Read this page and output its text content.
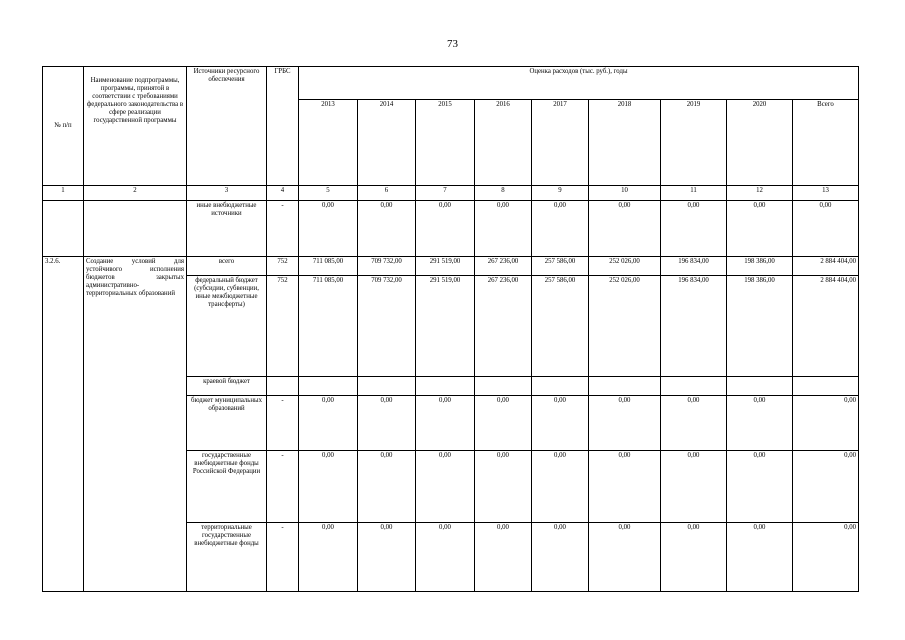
73
№ п/п	Наименование подпрограммы, программы, принятой в соответствии с требованиями федерального законодательства в сфере реализации государственной программы	Источники ресурсного обеспечения	ГРБС	Оценка расходов (тыс. руб.), годы								
				2013	2014	2015	2016	2017	2018	2019	2020	Всего
1	2	3	4	5	6	7	8	9	10	11	12	13
		иные внебюджетные источники	-	0,00	0,00	0,00	0,00	0,00	0,00	0,00	0,00	0,00
3.2.6.	Создание условий для устойчивого исполнения бюджетов закрытых административно-территориальных образований	всего	752	711 085,00	709 732,00	291 519,00	267 236,00	257 586,00	252 026,00	196 834,00	198 386,00	2 884 404,00
		федеральный бюджет (субсидии, субвенции, иные межбюджетные трансферты)	752	711 085,00	709 732,00	291 519,00	267 236,00	257 586,00	252 026,00	196 834,00	198 386,00	2 884 404,00
		краевой бюджет										
		бюджет муниципальных образований	-	0,00	0,00	0,00	0,00	0,00	0,00	0,00	0,00	0,00
		государственные внебюджетные фонды Российской Федерации	-	0,00	0,00	0,00	0,00	0,00	0,00	0,00	0,00	0,00
		территориальные государственные внебюджетные фонды	-	0,00	0,00	0,00	0,00	0,00	0,00	0,00	0,00	0,00
